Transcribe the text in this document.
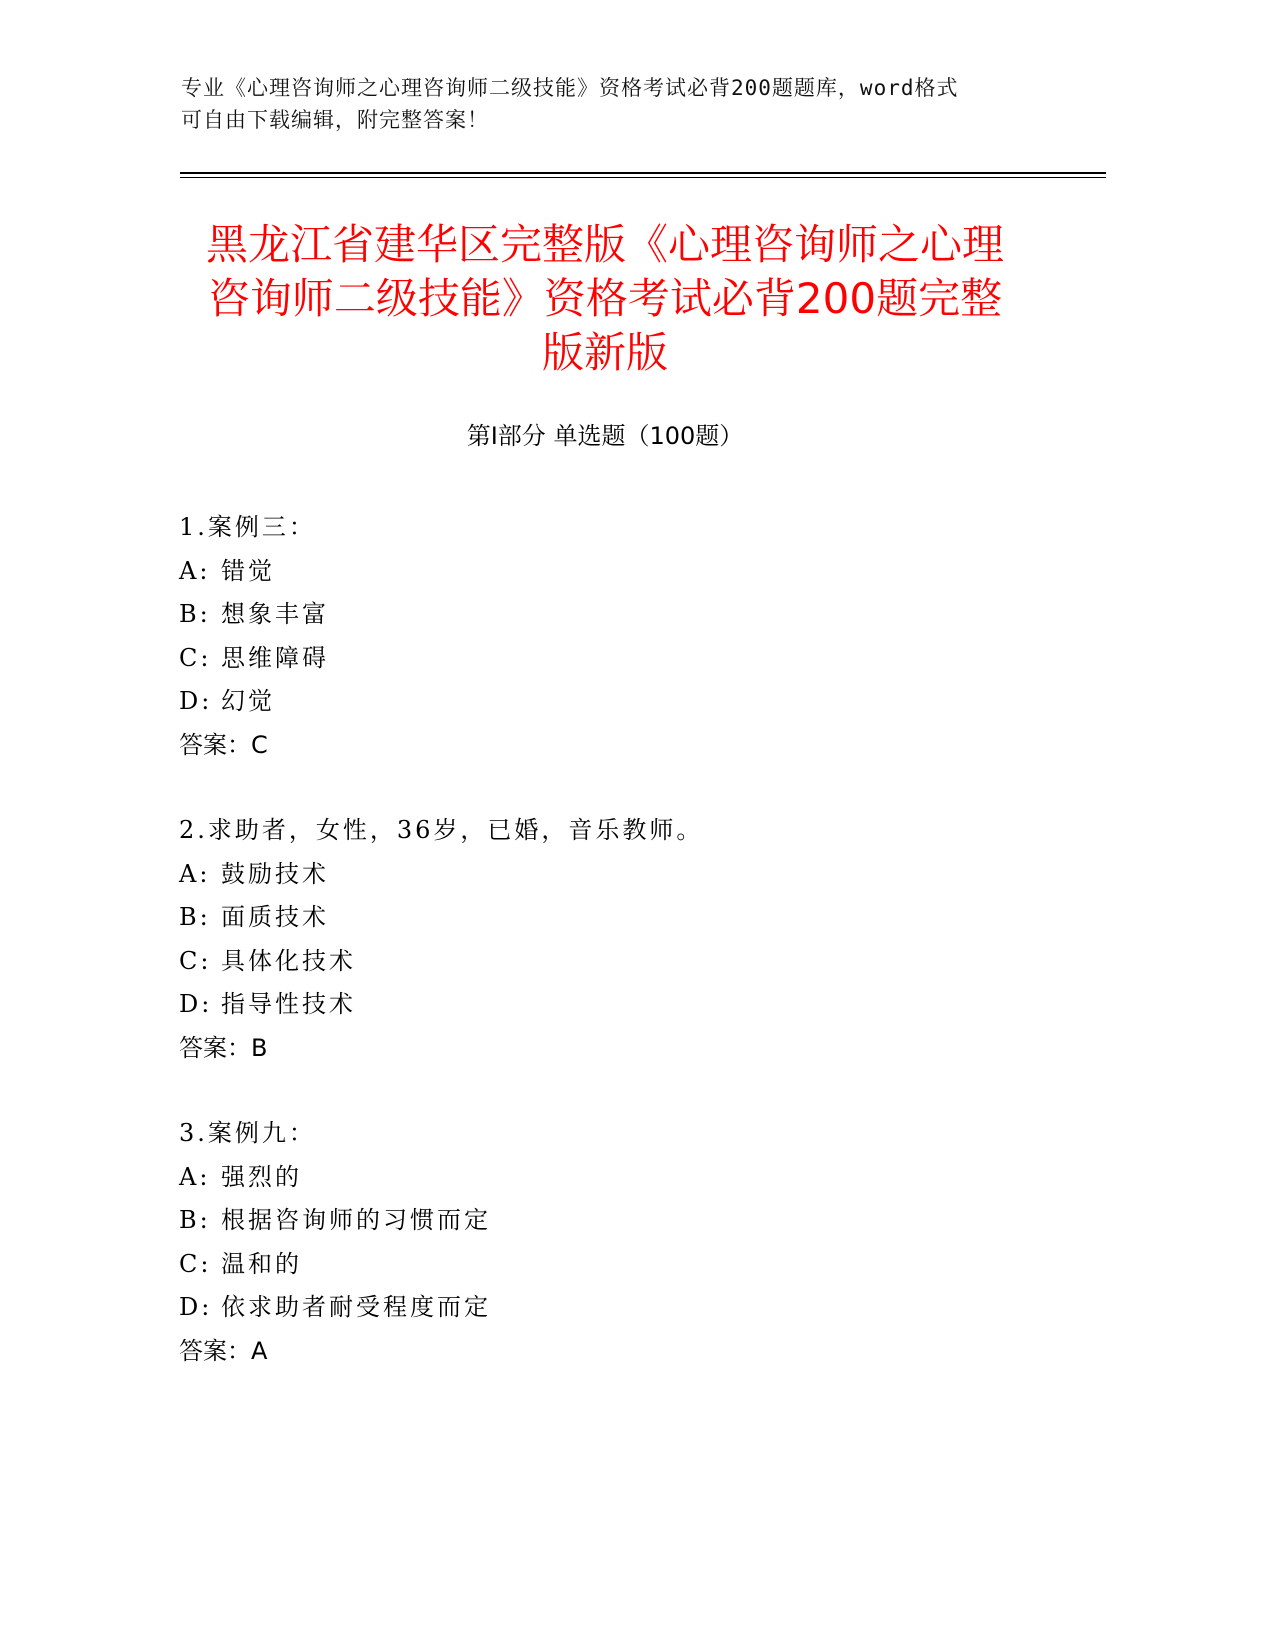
专业《心理咨询师之心理咨询师二级技能》资格考试必背200题题库，word格式
可自由下载编辑，附完整答案！
黑龙江省建华区完整版《心理咨询师之心理
咨询师二级技能》资格考试必背200题完整
版新版
第Ⅰ部分 单选题（100题）
1.案例三：
A: 错觉
B: 想象丰富
C: 思维障碍
D: 幻觉
答案：C
2.求助者，女性，36岁，已婚，音乐教师。
A: 鼓励技术
B: 面质技术
C: 具体化技术
D: 指导性技术
答案：B
3.案例九：
A: 强烈的
B: 根据咨询师的习惯而定
C: 温和的
D: 依求助者耐受程度而定
答案：A
